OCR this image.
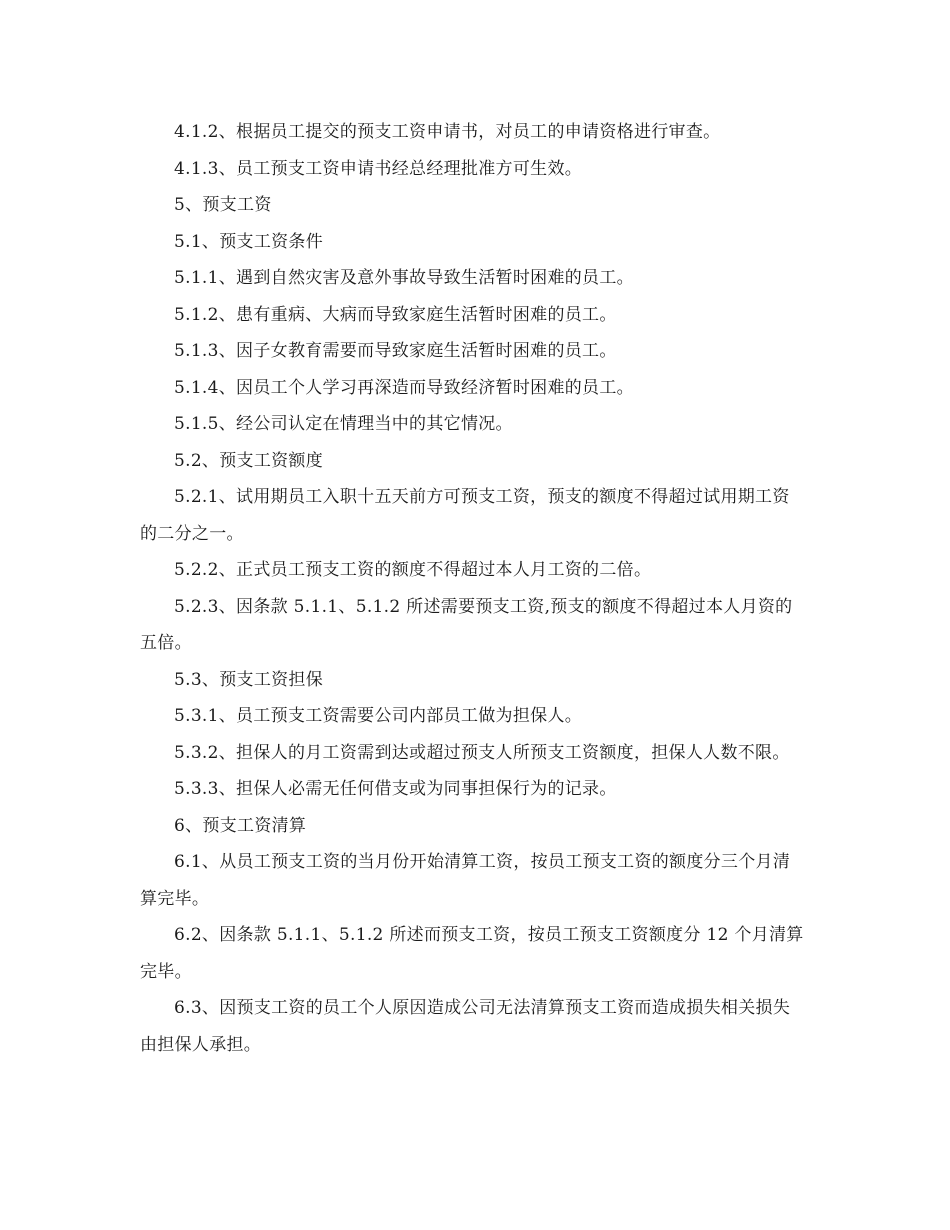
4.1.2、根据员工提交的预支工资申请书，对员工的申请资格进行审查。

4.1.3、员工预支工资申请书经总经理批准方可生效。

5、预支工资

5.1、预支工资条件

5.1.1、遇到自然灾害及意外事故导致生活暂时困难的员工。

5.1.2、患有重病、大病而导致家庭生活暂时困难的员工。

5.1.3、因子女教育需要而导致家庭生活暂时困难的员工。

5.1.4、因员工个人学习再深造而导致经济暂时困难的员工。

5.1.5、经公司认定在情理当中的其它情况。

5.2、预支工资额度

5.2.1、试用期员工入职十五天前方可预支工资，预支的额度不得超过试用期工资的二分之一。

5.2.2、正式员工预支工资的额度不得超过本人月工资的二倍。

5.2.3、因条款 5.1.1、5.1.2 所述需要预支工资,预支的额度不得超过本人月资的五倍。

5.3、预支工资担保

5.3.1、员工预支工资需要公司内部员工做为担保人。

5.3.2、担保人的月工资需到达或超过预支人所预支工资额度，担保人人数不限。

5.3.3、担保人必需无任何借支或为同事担保行为的记录。

6、预支工资清算

6.1、从员工预支工资的当月份开始清算工资，按员工预支工资的额度分三个月清算完毕。

6.2、因条款 5.1.1、5.1.2 所述而预支工资，按员工预支工资额度分 12 个月清算完毕。

6.3、因预支工资的员工个人原因造成公司无法清算预支工资而造成损失相关损失由担保人承担。
